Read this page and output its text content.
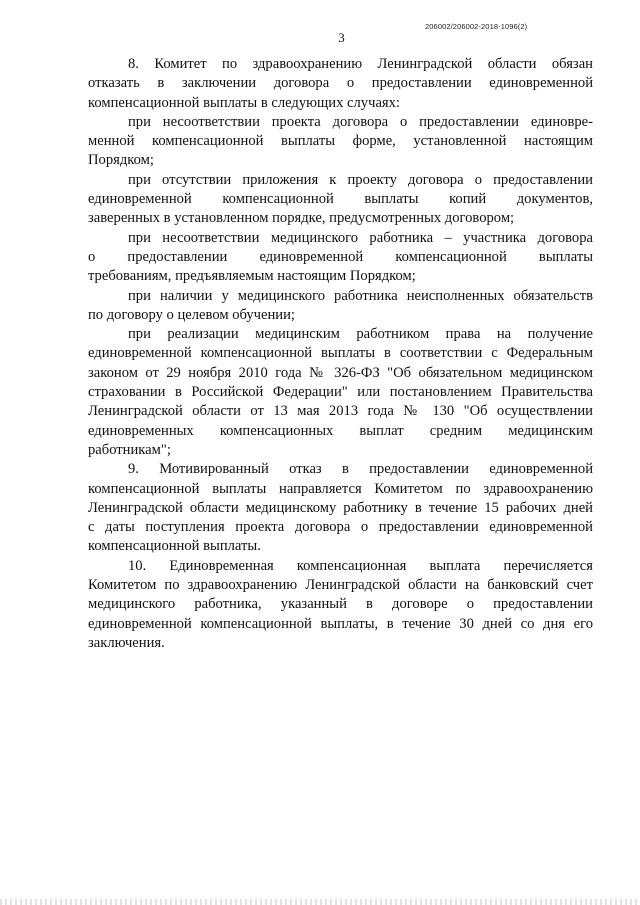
206002/206002-2018-1096(2)
3
8. Комитет по здравоохранению Ленинградской области обязан
отказать в заключении договора о предоставлении единовременной
компенсационной выплаты в следующих случаях:
при несоответствии проекта договора о предоставлении единовре-
менной компенсационной выплаты форме, установленной настоящим
Порядком;
при отсутствии приложения к проекту договора о предоставлении
единовременной компенсационной выплаты копий документов,
заверенных в установленном порядке, предусмотренных договором;
при несоответствии медицинского работника – участника договора
о предоставлении единовременной компенсационной выплаты
требованиям, предъявляемым настоящим Порядком;
при наличии у медицинского работника неисполненных обязательств
по договору о целевом обучении;
при реализации медицинским работником права на получение
единовременной компенсационной выплаты в соответствии с Федеральным
законом от 29 ноября 2010 года № 326-ФЗ "Об обязательном медицинском
страховании в Российской Федерации" или постановлением Правительства
Ленинградской области от 13 мая 2013 года № 130 "Об осуществлении
единовременных компенсационных выплат средним медицинским
работникам";
9. Мотивированный отказ в предоставлении единовременной
компенсационной выплаты направляется Комитетом по здравоохранению
Ленинградской области медицинскому работнику в течение 15 рабочих дней
с даты поступления проекта договора о предоставлении единовременной
компенсационной выплаты.
10. Единовременная компенсационная выплата перечисляется
Комитетом по здравоохранению Ленинградской области на банковский счет
медицинского работника, указанный в договоре о предоставлении
единовременной компенсационной выплаты, в течение 30 дней со дня его
заключения.
